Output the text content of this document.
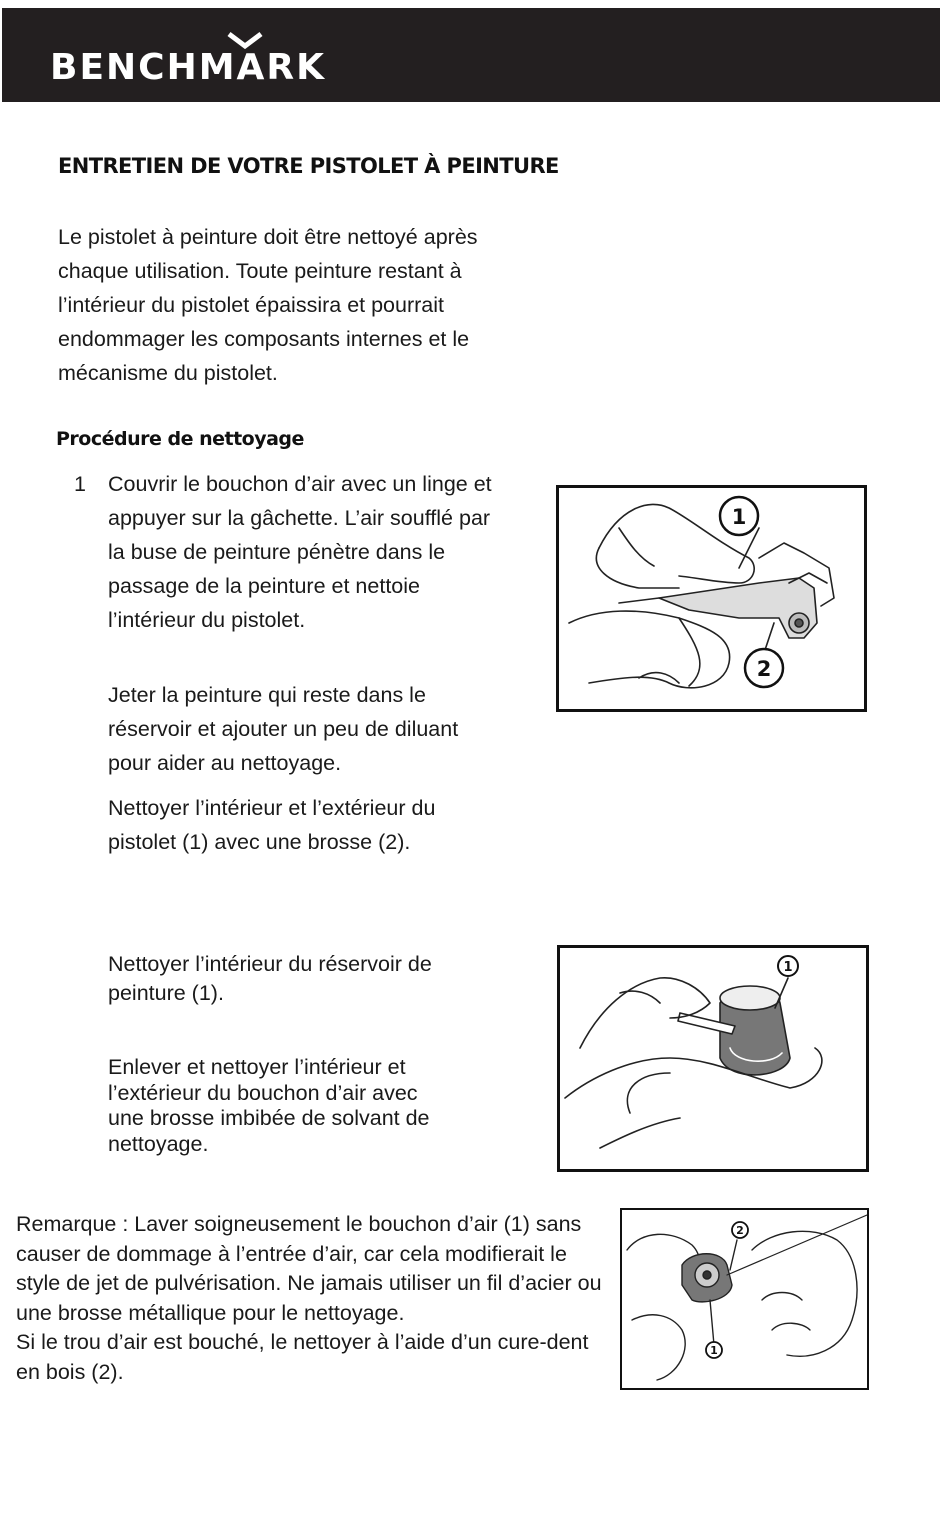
BENCHMARK
ENTRETIEN DE VOTRE PISTOLET À PEINTURE

Le pistolet à peinture doit être nettoyé après chaque utilisation. Toute peinture restant à l’intérieur du pistolet épaissira et pourrait endommager les composants internes et le mécanisme du pistolet.

Procédure de nettoyage
1 Couvrir le bouchon d’air avec un linge et appuyer sur la gâchette. L’air soufflé par la buse de peinture pénètre dans le passage de la peinture et nettoie l’intérieur du pistolet.

Jeter la peinture qui reste dans le réservoir et ajouter un peu de diluant pour aider au nettoyage.

Nettoyer l’intérieur et l’extérieur du pistolet (1) avec une brosse (2).

Nettoyer l’intérieur du réservoir de peinture (1).

Enlever et nettoyer l’intérieur et l’extérieur du bouchon d’air avec une brosse imbibée de solvant de nettoyage.

Remarque : Laver soigneusement le bouchon d’air (1) sans causer de dommage à l’entrée d’air, car cela modifierait le style de jet de pulvérisation. Ne jamais utiliser un fil d’acier ou une brosse métallique pour le nettoyage.
Si le trou d’air est bouché, le nettoyer à l’aide d’un cure-dent en bois (2).

1
2
1
2
1
